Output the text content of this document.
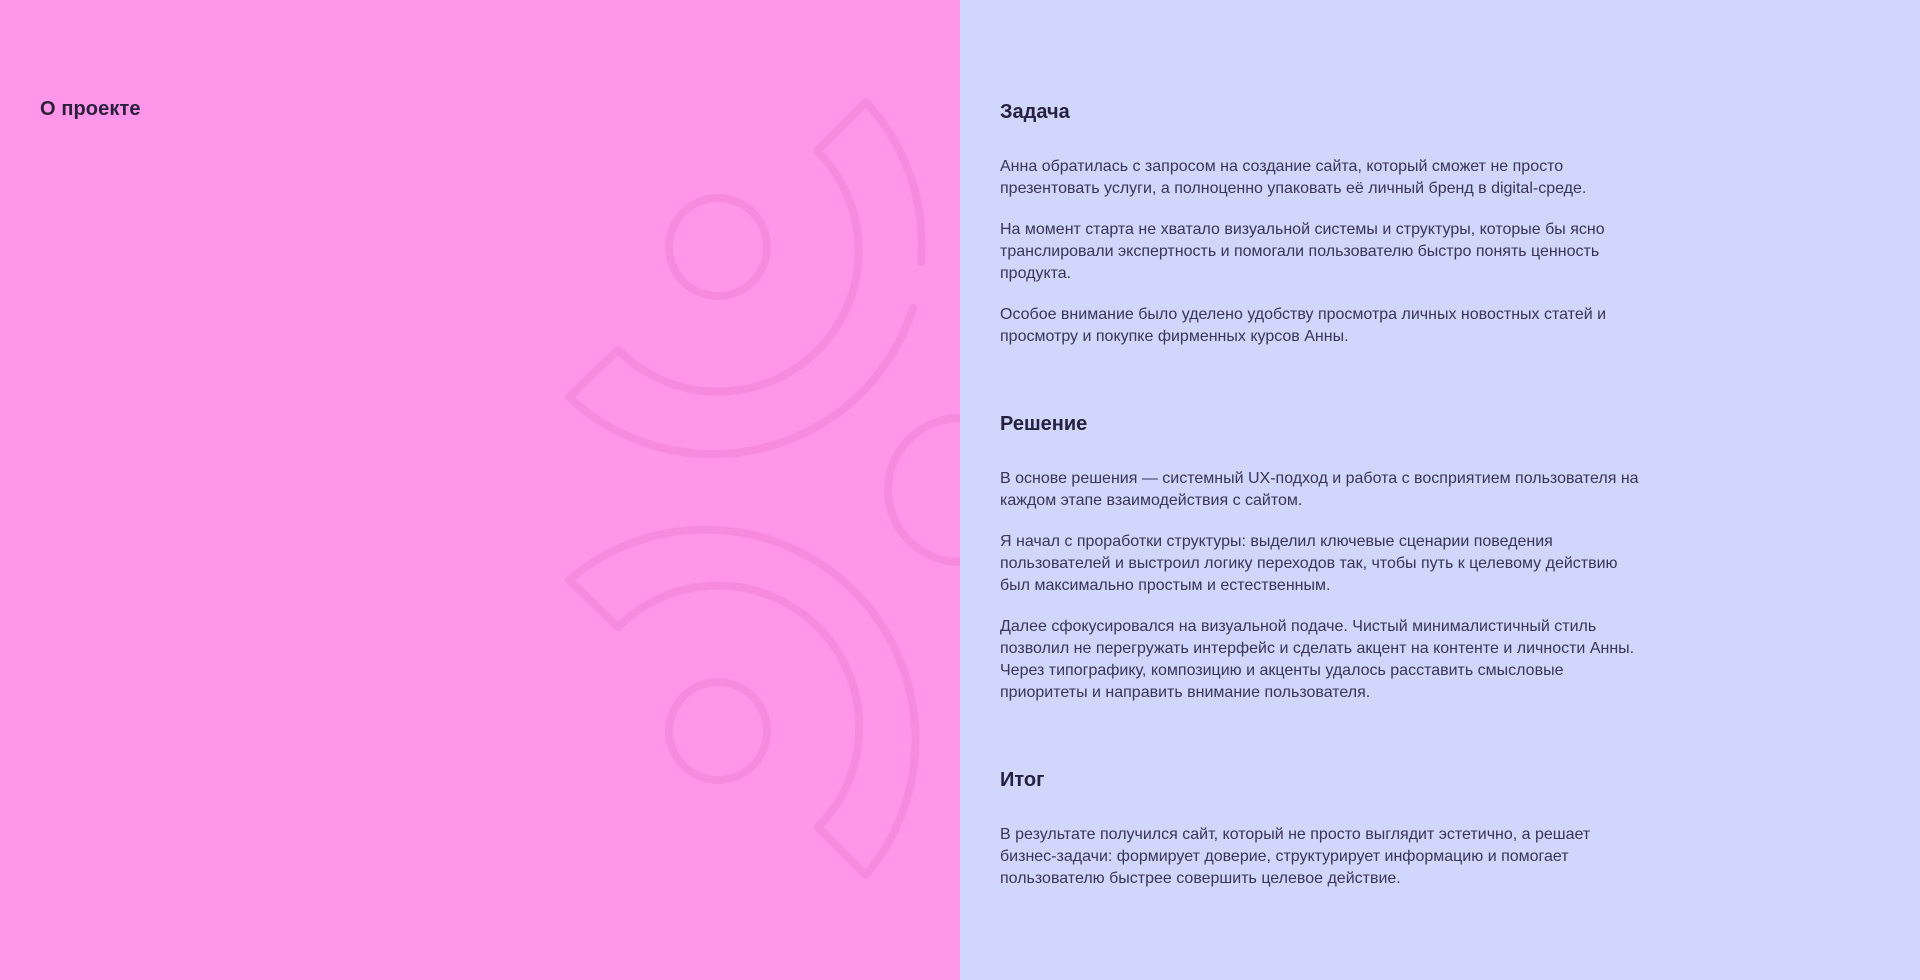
О проекте	Задача

Анна обратилась с запросом на создание сайта, который сможет не просто презентовать услуги, а полноценно упаковать её личный бренд в digital-среде.

На момент старта не хватало визуальной системы и структуры, которые бы ясно транслировали экспертность и помогали пользователю быстро понять ценность продукта.

Особое внимание было уделено удобству просмотра личных новостных статей и просмотру и покупке фирменных курсов Анны.

Решение

В основе решения — системный UX-подход и работа с восприятием пользователя на каждом этапе взаимодействия с сайтом.

Я начал с проработки структуры: выделил ключевые сценарии поведения пользователей и выстроил логику переходов так, чтобы путь к целевому действию был максимально простым и естественным.

Далее сфокусировался на визуальной подаче. Чистый минималистичный стиль позволил не перегружать интерфейс и сделать акцент на контенте и личности Анны. Через типографику, композицию и акценты удалось расставить смысловые приоритеты и направить внимание пользователя.

Итог

В результате получился сайт, который не просто выглядит эстетично, а решает бизнес-задачи: формирует доверие, структурирует информацию и помогает пользователю быстрее совершить целевое действие.
